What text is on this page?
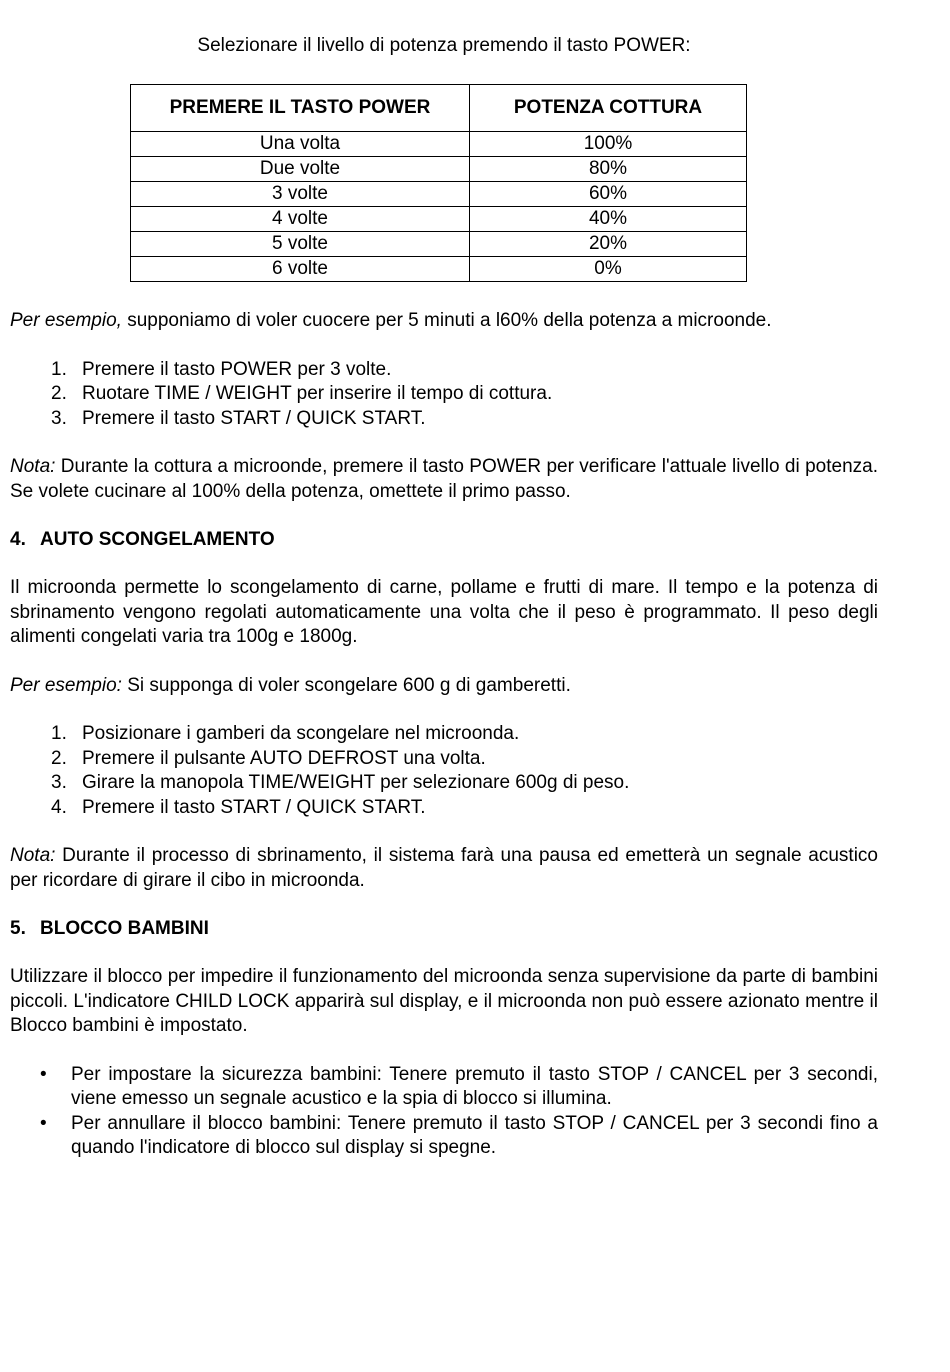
Selezionare il livello di potenza premendo il tasto POWER:

PREMERE IL TASTO POWER	POTENZA COTTURA
Una volta	100%
Due volte	80%
3 volte	60%
4 volte	40%
5 volte	20%
6 volte	0%

Per esempio, supponiamo di voler cuocere per 5 minuti a l60% della potenza a microonde.

1. Premere il tasto POWER per 3 volte.
2. Ruotare TIME / WEIGHT per inserire il tempo di cottura.
3. Premere il tasto START / QUICK START.

Nota: Durante la cottura a microonde, premere il tasto POWER per verificare l'attuale livello di potenza. Se volete cucinare al 100% della potenza, omettete il primo passo.

4. AUTO SCONGELAMENTO

Il microonda permette lo scongelamento di carne, pollame e frutti di mare. Il tempo e la potenza di sbrinamento vengono regolati automaticamente una volta che il peso è programmato. Il peso degli alimenti congelati varia tra 100g e 1800g.

Per esempio: Si supponga di voler scongelare 600 g di gamberetti.

1. Posizionare i gamberi da scongelare nel microonda.
2. Premere il pulsante AUTO DEFROST una volta.
3. Girare la manopola TIME/WEIGHT per selezionare 600g di peso.
4. Premere il tasto START / QUICK START.

Nota: Durante il processo di sbrinamento, il sistema farà una pausa ed emetterà un segnale acustico per ricordare di girare il cibo in microonda.

5. BLOCCO BAMBINI

Utilizzare il blocco per impedire il funzionamento del microonda senza supervisione da parte di bambini piccoli. L'indicatore CHILD LOCK apparirà sul display, e il microonda non può essere azionato mentre il Blocco bambini è impostato.

• Per impostare la sicurezza bambini: Tenere premuto il tasto STOP / CANCEL per 3 secondi, viene emesso un segnale acustico e la spia di blocco si illumina.
• Per annullare il blocco bambini: Tenere premuto il tasto STOP / CANCEL per 3 secondi fino a quando l'indicatore di blocco sul display si spegne.
